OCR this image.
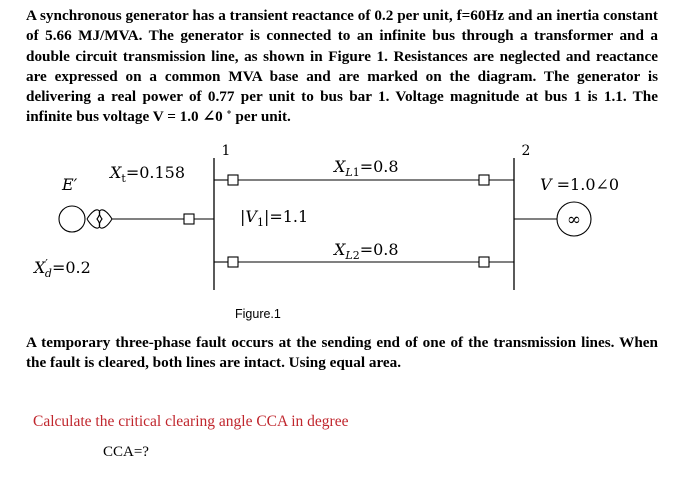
A synchronous generator has a transient reactance of 0.2 per unit, f=60Hz and an inertia constant of 5.66 MJ/MVA. The generator is connected to an infinite bus through a transformer and a double circuit transmission line, as shown in Figure 1. Resistances are neglected and reactance are expressed on a common MVA base and are marked on the diagram. The generator is delivering a real power of 0.77 per unit to bus bar 1. Voltage magnitude at bus 1 is 1.1. The infinite bus voltage V = 1.0 ∠0 ˚ per unit.
1	2
E′
$X_t=0.158$
X′ d=0.2
$|V_1|=1.1$
$X_L1=0.8$
$X_L2=0.8$
V =1.0∠0
∞
Figure.1
A temporary three-phase fault occurs at the sending end of one of the transmission lines. When the fault is cleared, both lines are intact. Using equal area.
Calculate the critical clearing angle CCA in degree
CCA=?
